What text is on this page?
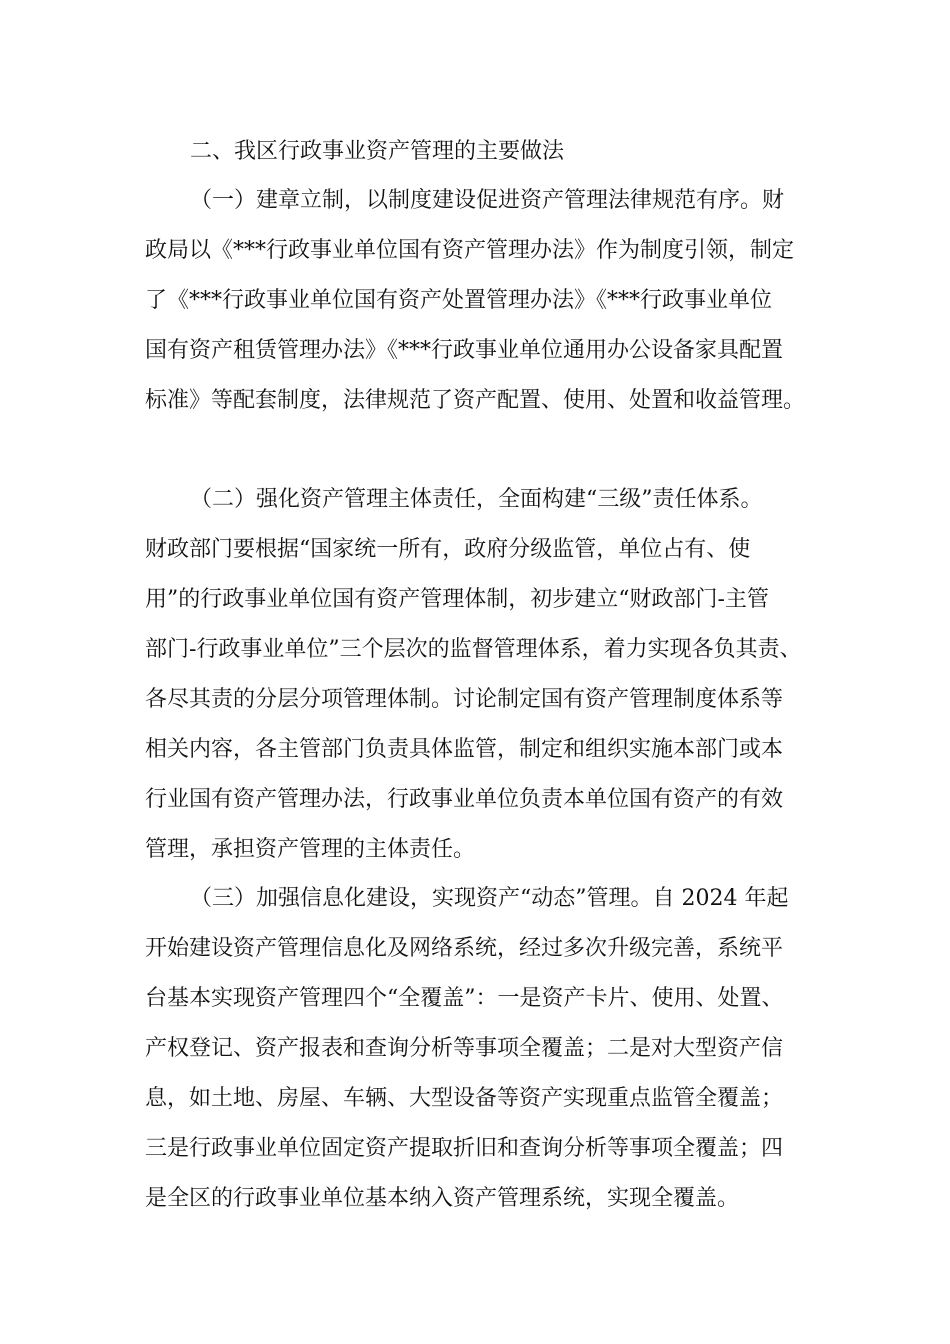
二、我区行政事业资产管理的主要做法

（一）建章立制，以制度建设促进资产管理法律规范有序。财

政局以《***行政事业单位国有资产管理办法》作为制度引领，制定

了《***行政事业单位国有资产处置管理办法》《***行政事业单位

国有资产租赁管理办法》《***行政事业单位通用办公设备家具配置

标准》等配套制度，法律规范了资产配置、使用、处置和收益管理。

（二）强化资产管理主体责任，全面构建“三级”责任体系。

财政部门要根据“国家统一所有，政府分级监管，单位占有、使

用”的行政事业单位国有资产管理体制，初步建立“财政部门-主管

部门-行政事业单位”三个层次的监督管理体系，着力实现各负其责、

各尽其责的分层分项管理体制。讨论制定国有资产管理制度体系等

相关内容，各主管部门负责具体监管，制定和组织实施本部门或本

行业国有资产管理办法，行政事业单位负责本单位国有资产的有效

管理，承担资产管理的主体责任。

（三）加强信息化建设，实现资产“动态”管理。自 2024 年起

开始建设资产管理信息化及网络系统，经过多次升级完善，系统平

台基本实现资产管理四个“全覆盖”：一是资产卡片、使用、处置、

产权登记、资产报表和查询分析等事项全覆盖；二是对大型资产信

息，如土地、房屋、车辆、大型设备等资产实现重点监管全覆盖；

三是行政事业单位固定资产提取折旧和查询分析等事项全覆盖；四

是全区的行政事业单位基本纳入资产管理系统，实现全覆盖。
